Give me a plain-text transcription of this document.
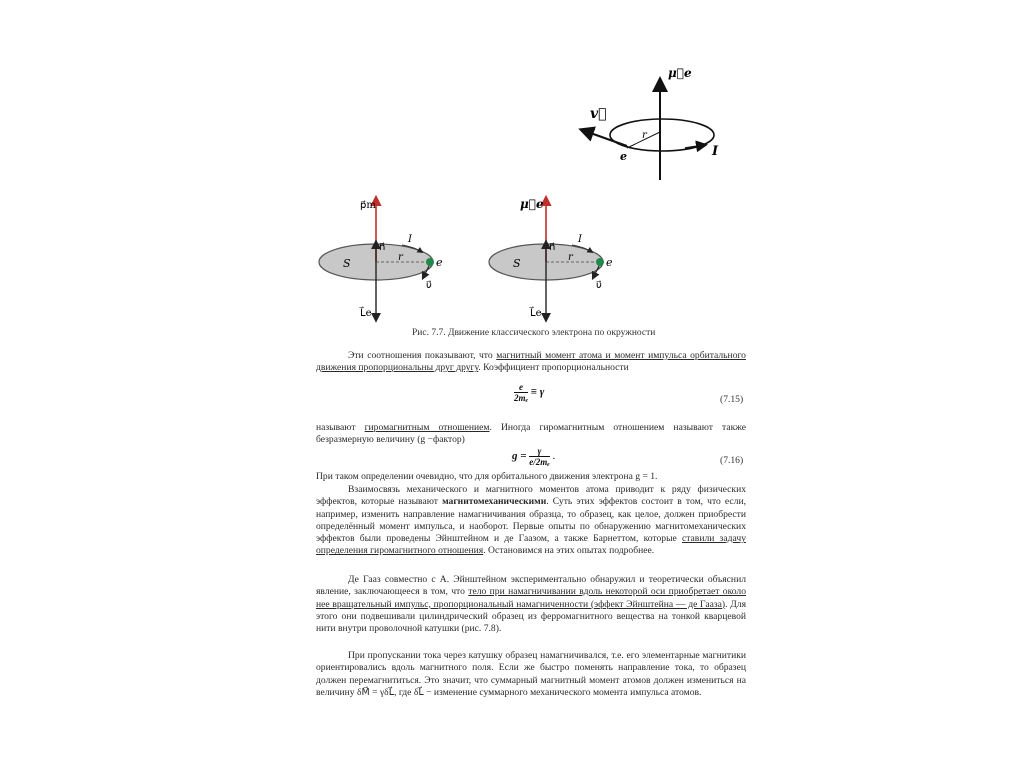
μ⃗e
v⃗
r
e	I
p⃗m
n⃗
I
S	r	e
υ⃗
L⃗e
μ⃗e
n⃗
I
S	r	e
υ⃗
L⃗e
Рис. 7.7. Движение классического электрона по окружности

Эти соотношения показывают, что магнитный момент атома и момент импульса орбитального движения пропорциональны друг другу. Коэффициент пропорциональности

$\frac{e}{\text{2mₑ}} \equiv \gamma$
(7.15)

называют гиромагнитным отношением. Иногда гиромагнитным отношением называют также безразмерную величину (g −фактор)

$g = \frac{\gamma}{\text{e/2mₑ}}$ .	(7.16)

При таком определении очевидно, что для орбитального движения электрона g = 1.

Взаимосвязь механического и магнитного моментов атома приводит к ряду физических эффектов, которые называют магнитомеханическими. Суть этих эффектов состоит в том, что если, например, изменить направление намагничивания образца, то образец, как целое, должен приобрести определённый момент импульса, и наоборот. Первые опыты по обнаружению магнитомеханических эффектов были проведены Эйнштейном и де Гаазом, а также Барнеттом, которые ставили задачу определения гиромагнитного отношения. Остановимся на этих опытах подробнее.

Де Гааз совместно с А. Эйнштейном экспериментально обнаружил и теоретически объяснил явление, заключающееся в том, что тело при намагничивании вдоль некоторой оси приобретает около нее вращательный импульс, пропорциональный намагниченности (эффект Эйнштейна — де Гааза). Для этого они подвешивали цилиндрический образец из ферромагнитного вещества на тонкой кварцевой нити внутри проволочной катушки (рис. 7.8).

При пропускании тока через катушку образец намагничивался, т.е. его элементарные магнитики ориентировались вдоль магнитного поля. Если же быстро поменять направление тока, то образец должен перемагнититься. Это значит, что суммарный магнитный момент атомов должен измениться на величину δM⃗ = γδL⃗, где δL⃗ − изменение суммарного механического момента импульса атомов.
